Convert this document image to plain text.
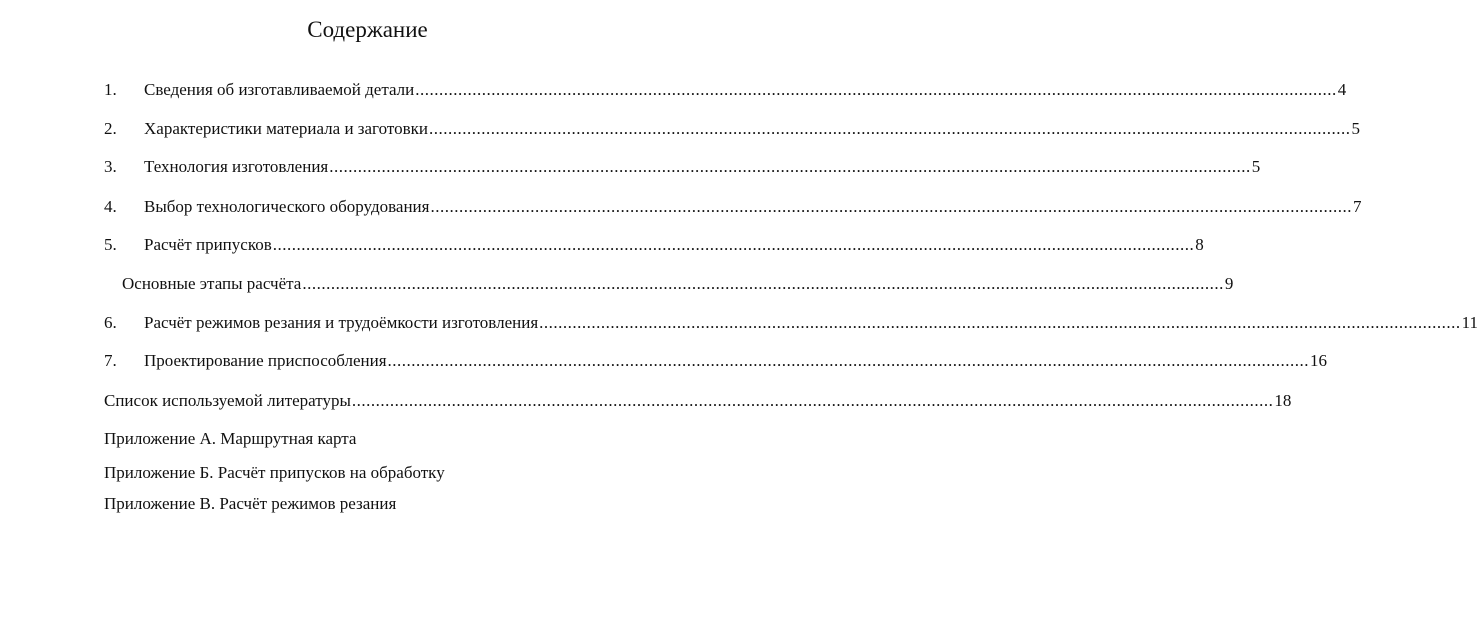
Содержание
1. Сведения об изготавливаемой детали .....	4
2. Характеристики материала и заготовки .....	5
3. Технология изготовления .....	5
4. Выбор технологического оборудования .....	7
5. Расчёт припусков .....	8
Основные этапы расчёта .....	9
6. Расчёт режимов резания и трудоёмкости изготовления .....	11
7. Проектирование приспособления .....	16
Список используемой литературы .....	18
Приложение А. Маршрутная карта
Приложение Б. Расчёт припусков на обработку
Приложение В. Расчёт режимов резания
